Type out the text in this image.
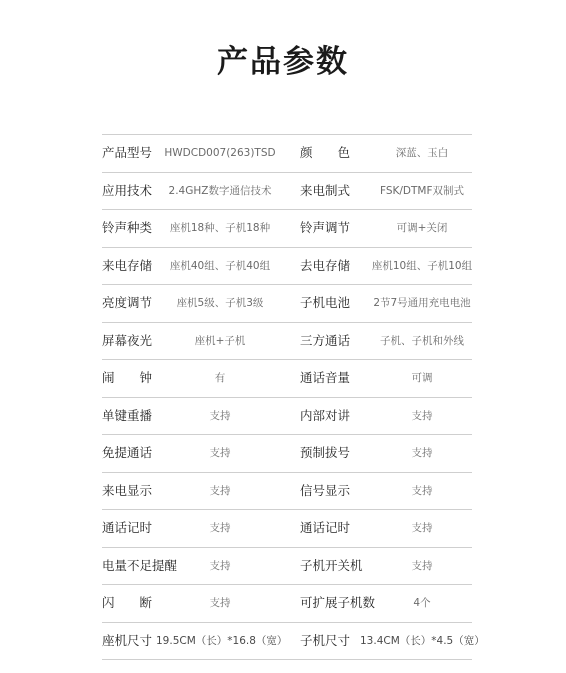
产品参数
产品型号	HWDCD007(263)TSD	颜　　色	深蓝、玉白
应用技术	2.4GHZ数字通信技术	来电制式	FSK/DTMF双制式
铃声种类	座机18种、子机18种	铃声调节	可调+关闭
来电存储	座机40组、子机40组	去电存储	座机10组、子机10组
亮度调节	座机5级、子机3级	子机电池	2节7号通用充电电池
屏幕夜光	座机+子机	三方通话	子机、子机和外线
闹　　钟	有	通话音量	可调
单键重播	支持	内部对讲	支持
免提通话	支持	预制拔号	支持
来电显示	支持	信号显示	支持
通话记时	支持	通话记时	支持
电量不足提醒	支持	子机开关机	支持
闪　　断	支持	可扩展子机数	4个
座机尺寸 19.5CM（长）*16.8（宽） 子机尺寸 13.4CM（长）*4.5（宽）
